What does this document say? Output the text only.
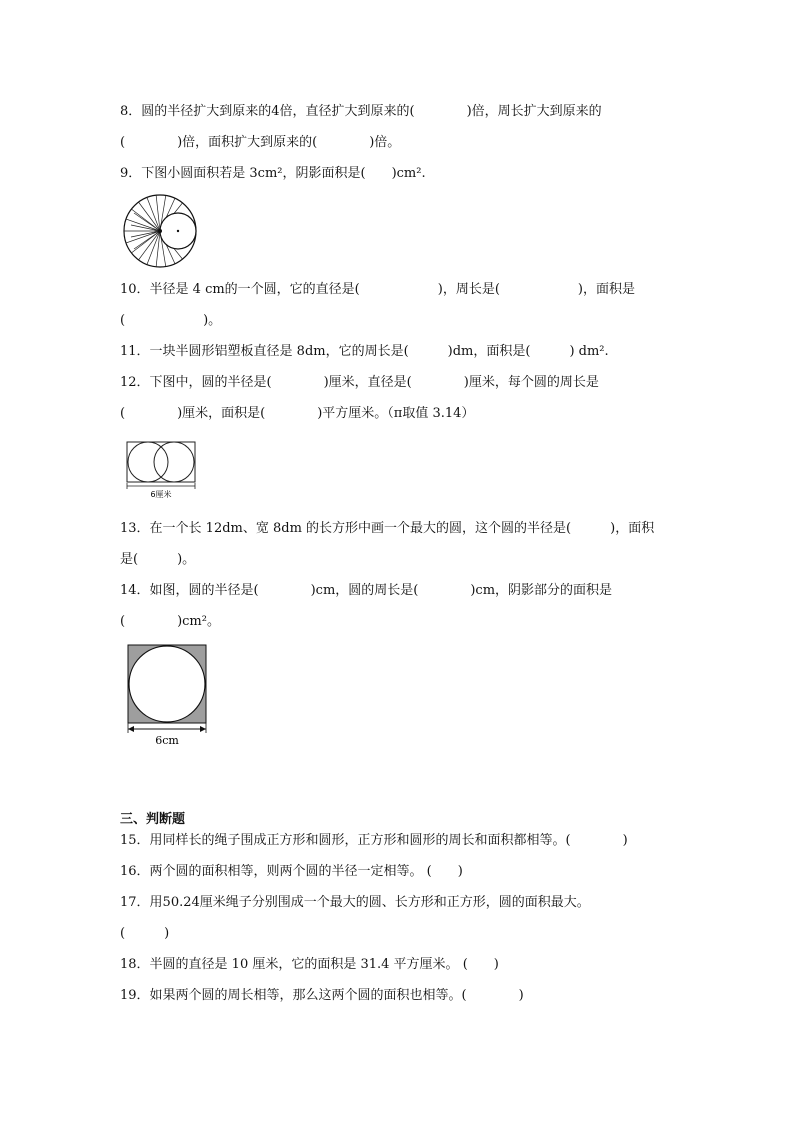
8．圆的半径扩大到原来的4倍，直径扩大到原来的(　　　　)倍，周长扩大到原来的
(　　　　)倍，面积扩大到原来的(　　　　)倍。
9．下图小圆面积若是 3cm²，阴影面积是(　　)cm².
10．半径是 4 cm的一个圆，它的直径是(　　　　　　)，周长是(　　　　　　)，面积是
(　　　　　　)。
11．一块半圆形铝塑板直径是 8dm，它的周长是(　　　)dm，面积是(　　　) dm².
12．下图中，圆的半径是(　　　　)厘米，直径是(　　　　)厘米，每个圆的周长是
(　　　　)厘米，面积是(　　　　)平方厘米。（π取值 3.14）
6厘米
13．在一个长 12dm、宽 8dm 的长方形中画一个最大的圆，这个圆的半径是(　　　)，面积
是(　　　)。
14．如图，圆的半径是(　　　　)cm，圆的周长是(　　　　)cm，阴影部分的面积是
(　　　　)cm²。
6cm
三、判断题
15．用同样长的绳子围成正方形和圆形，正方形和圆形的周长和面积都相等。(　　　　)
16．两个圆的面积相等，则两个圆的半径一定相等。 (　　)
17．用50.24厘米绳子分别围成一个最大的圆、长方形和正方形，圆的面积最大。
(　　　)
18．半圆的直径是 10 厘米，它的面积是 31.4 平方厘米。 (　　)
19．如果两个圆的周长相等，那么这两个圆的面积也相等。(　　　　)
